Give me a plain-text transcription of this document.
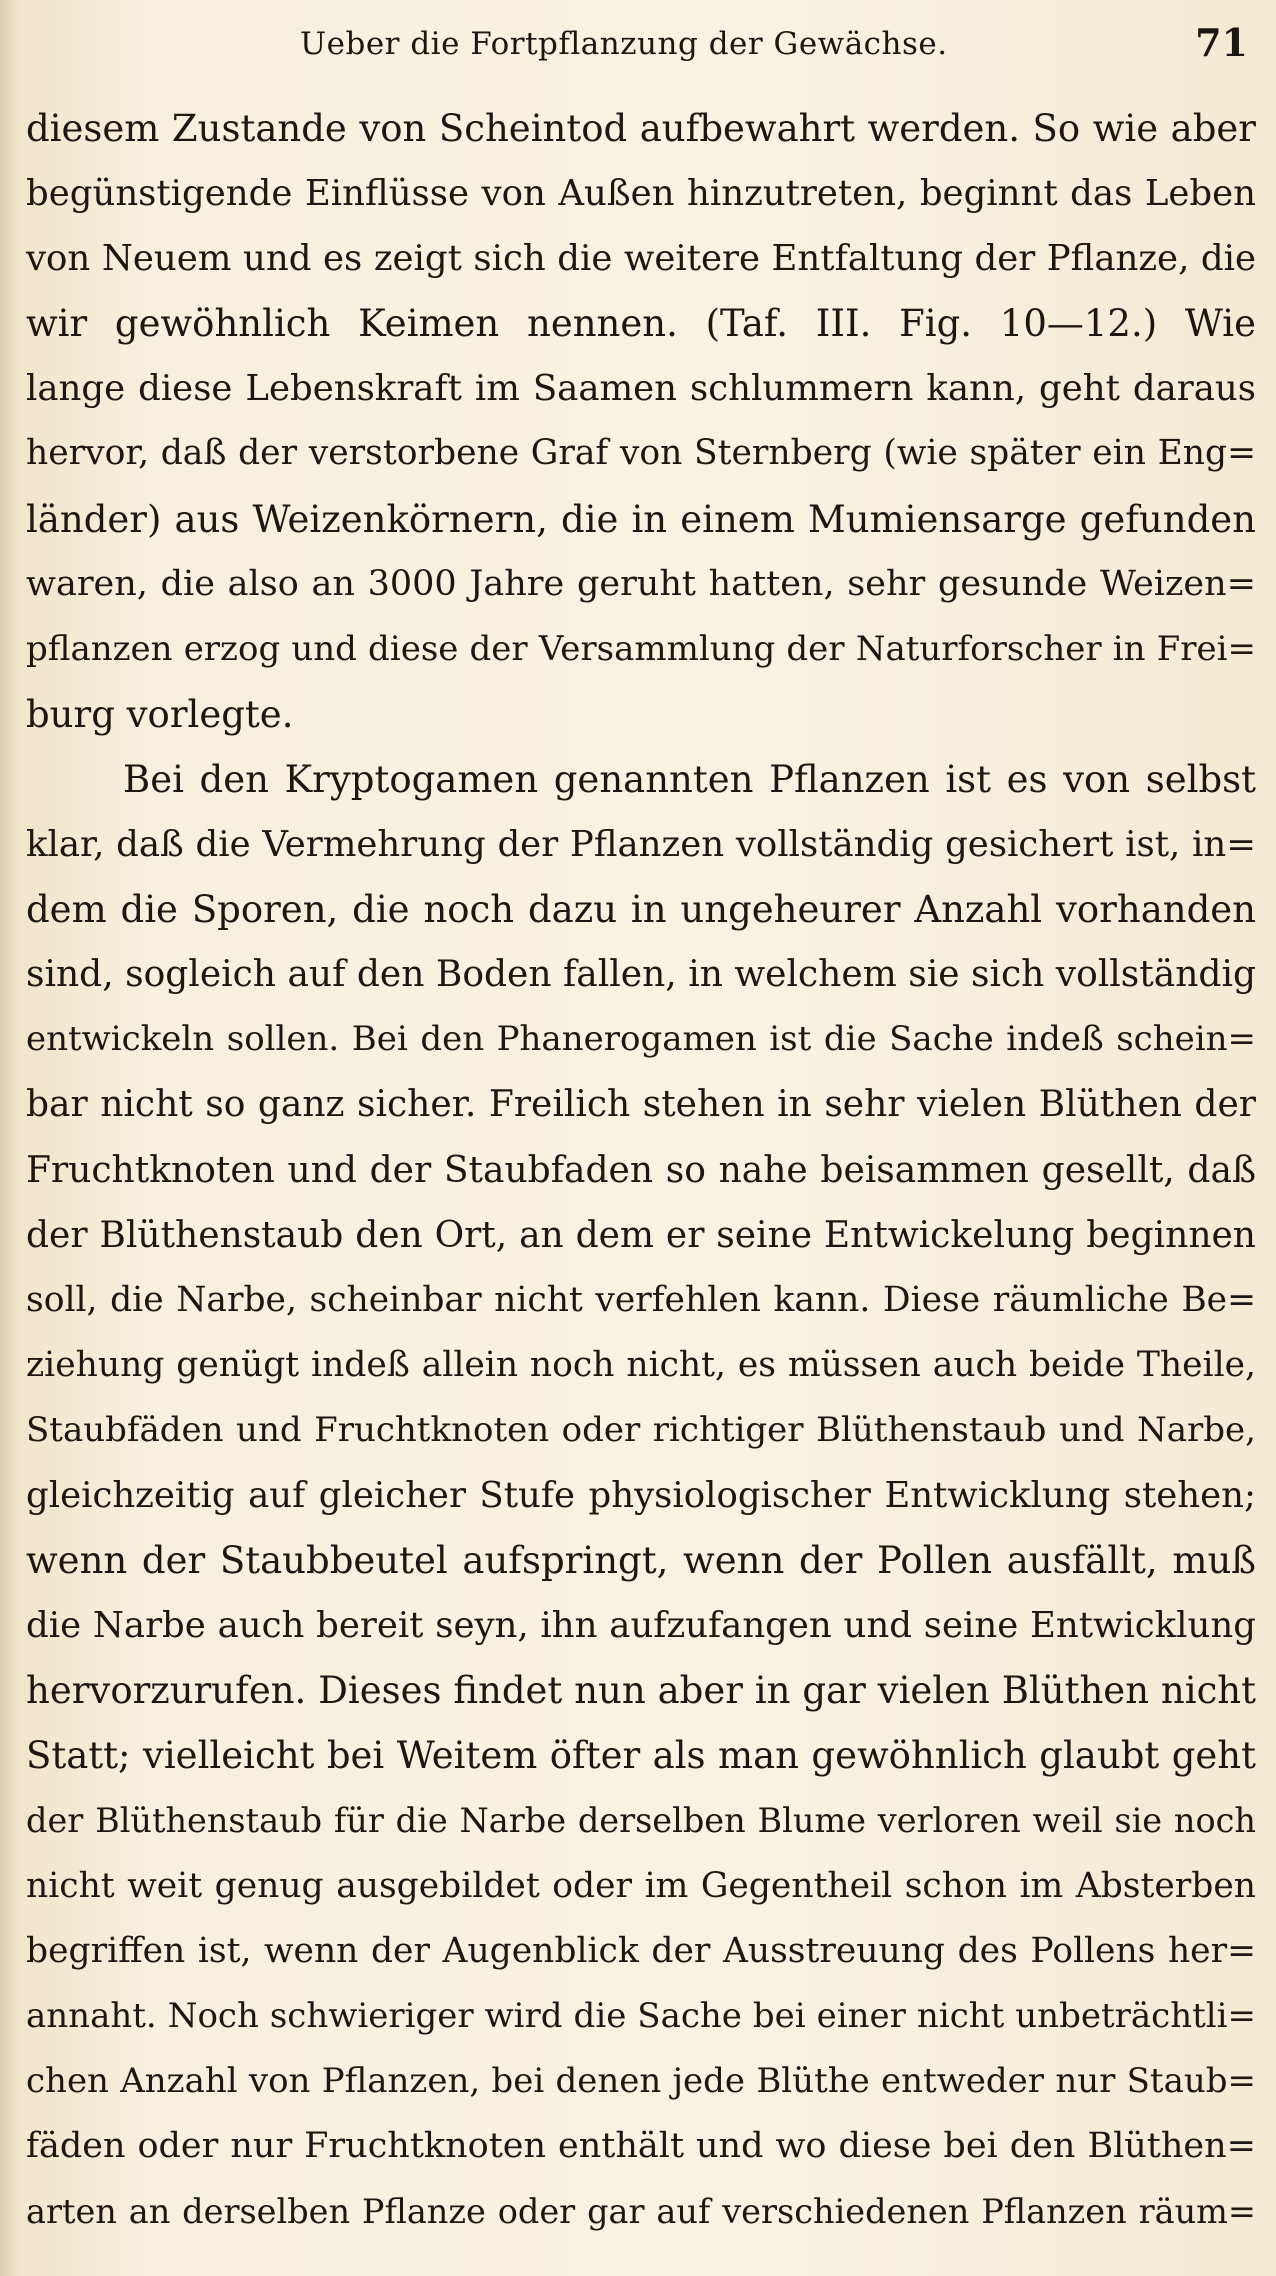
Ueber die Fortpflanzung der Gewächse.	71
diesem Zustande von Scheintod aufbewahrt werden. So wie aber
begünstigende Einflüsse von Außen hinzutreten, beginnt das Leben
von Neuem und es zeigt sich die weitere Entfaltung der Pflanze, die
wir gewöhnlich Keimen nennen. (Taf. III. Fig. 10—12.) Wie
lange diese Lebenskraft im Saamen schlummern kann, geht daraus
hervor, daß der verstorbene Graf von Sternberg (wie später ein Eng=
länder) aus Weizenkörnern, die in einem Mumiensarge gefunden
waren, die also an 3000 Jahre geruht hatten, sehr gesunde Weizen=
pflanzen erzog und diese der Versammlung der Naturforscher in Frei=
burg vorlegte.
Bei den Kryptogamen genannten Pflanzen ist es von selbst
klar, daß die Vermehrung der Pflanzen vollständig gesichert ist, in=
dem die Sporen, die noch dazu in ungeheurer Anzahl vorhanden
sind, sogleich auf den Boden fallen, in welchem sie sich vollständig
entwickeln sollen. Bei den Phanerogamen ist die Sache indeß schein=
bar nicht so ganz sicher. Freilich stehen in sehr vielen Blüthen der
Fruchtknoten und der Staubfaden so nahe beisammen gesellt, daß
der Blüthenstaub den Ort, an dem er seine Entwickelung beginnen
soll, die Narbe, scheinbar nicht verfehlen kann. Diese räumliche Be=
ziehung genügt indeß allein noch nicht, es müssen auch beide Theile,
Staubfäden und Fruchtknoten oder richtiger Blüthenstaub und Narbe,
gleichzeitig auf gleicher Stufe physiologischer Entwicklung stehen;
wenn der Staubbeutel aufspringt, wenn der Pollen ausfällt, muß
die Narbe auch bereit seyn, ihn aufzufangen und seine Entwicklung
hervorzurufen. Dieses findet nun aber in gar vielen Blüthen nicht
Statt; vielleicht bei Weitem öfter als man gewöhnlich glaubt geht
der Blüthenstaub für die Narbe derselben Blume verloren weil sie noch
nicht weit genug ausgebildet oder im Gegentheil schon im Absterben
begriffen ist, wenn der Augenblick der Ausstreuung des Pollens her=
annaht. Noch schwieriger wird die Sache bei einer nicht unbeträchtli=
chen Anzahl von Pflanzen, bei denen jede Blüthe entweder nur Staub=
fäden oder nur Fruchtknoten enthält und wo diese bei den Blüthen=
arten an derselben Pflanze oder gar auf verschiedenen Pflanzen räum=
